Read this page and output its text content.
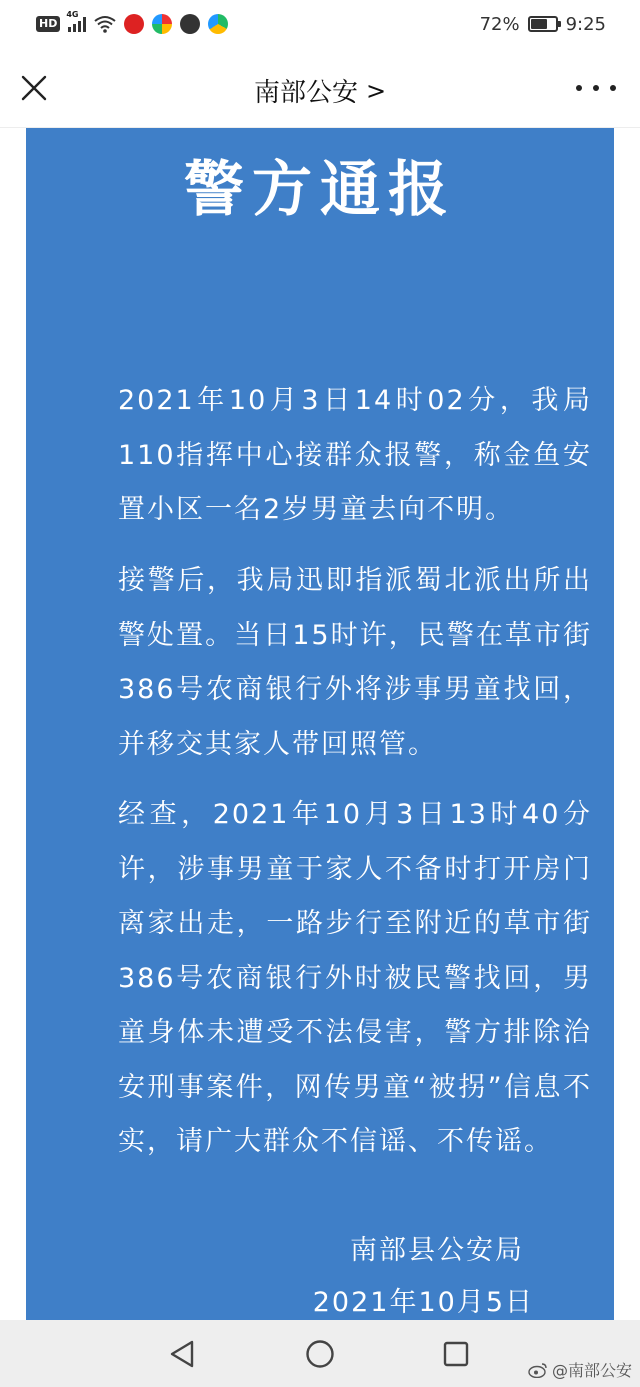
HD
4G	72%	9:25
南部公安 >
警方通报

2021年10月3日14时02分，我局110指挥中心接群众报警，称金鱼安置小区一名2岁男童去向不明。

接警后，我局迅即指派蜀北派出所出警处置。当日15时许，民警在草市街386号农商银行外将涉事男童找回，并移交其家人带回照管。

经查，2021年10月3日13时40分许，涉事男童于家人不备时打开房门离家出走，一路步行至附近的草市街386号农商银行外时被民警找回，男童身体未遭受不法侵害，警方排除治安刑事案件，网传男童“被拐”信息不实，请广大群众不信谣、不传谣。

南部县公安局
2021年10月5日
@南部公安
